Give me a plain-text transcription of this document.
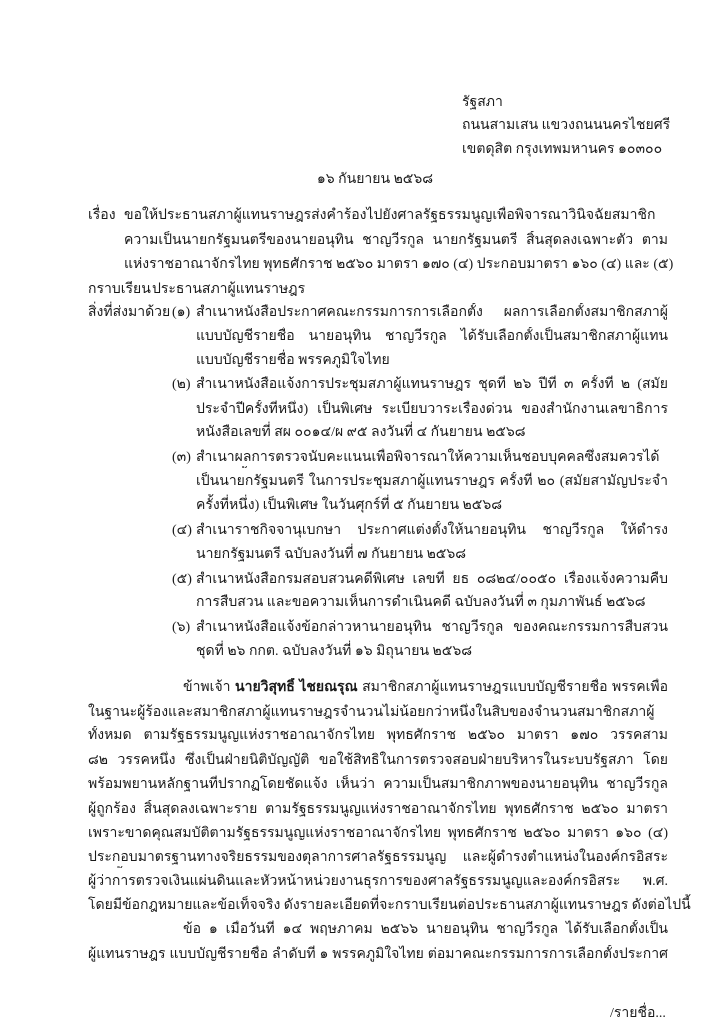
รัฐสภา
ถนนสามเสน แขวงถนนนครไชยศรี
เขตดุสิต กรุงเทพมหานคร ๑๐๓๐๐
๑๖ กันยายน ๒๕๖๘
เรื่อง ขอให้ประธานสภาผู้แทนราษฎรส่งคำร้องไปยังศาลรัฐธรรมนูญเพื่อพิจารณาวินิจฉัยสมาชิก
ความเป็นนายกรัฐมนตรีของนายอนุทิน ชาญวีรกูล นายกรัฐมนตรี สิ้นสุดลงเฉพาะตัว ตาม
แห่งราชอาณาจักรไทย พุทธศักราช ๒๕๖๐ มาตรา ๑๗๐ (๔) ประกอบมาตรา ๑๖๐ (๔) และ (๕)
กราบเรียน ประธานสภาผู้แทนราษฎร
สิ่งที่ส่งมาด้วย (๑) สำเนาหนังสือประกาศคณะกรรมการการเลือกตั้ง ผลการเลือกตั้งสมาชิกสภาผู้
แบบบัญชีรายชื่อ นายอนุทิน ชาญวีรกูล ได้รับเลือกตั้งเป็นสมาชิกสภาผู้แทน
แบบบัญชีรายชื่อ พรรคภูมิใจไทย
(๒) สำเนาหนังสือแจ้งการประชุมสภาผู้แทนราษฎร ชุดที่ ๒๖ ปีที่ ๓ ครั้งที่ ๒ (สมัย
ประจำปีครั้งที่หนึ่ง) เป็นพิเศษ ระเบียบวาระเรื่องด่วน ของสำนักงานเลขาธิการ
หนังสือเลขที่ สผ ๐๐๑๔/ผ ๙๕ ลงวันที่ ๔ กันยายน ๒๕๖๘
(๓) สำเนาผลการตรวจนับคะแนนเพื่อพิจารณาให้ความเห็นชอบบุคคลซึ่งสมควรได้
เป็นนายกรัฐมนตรี ในการประชุมสภาผู้แทนราษฎร ครั้งที่ ๒๐ (สมัยสามัญประจำ
ครั้งที่หนึ่ง) เป็นพิเศษ ในวันศุกร์ที่ ๕ กันยายน ๒๕๖๘
(๔) สำเนาราชกิจจานุเบกษา ประกาศแต่งตั้งให้นายอนุทิน ชาญวีรกูล ให้ดำรง
นายกรัฐมนตรี ฉบับลงวันที่ ๗ กันยายน ๒๕๖๘
(๕) สำเนาหนังสือกรมสอบสวนคดีพิเศษ เลขที่ ยธ ๐๘๒๔/๐๐๕๐ เรื่องแจ้งความคืบ
การสืบสวน และขอความเห็นการดำเนินคดี ฉบับลงวันที่ ๓ กุมภาพันธ์ ๒๕๖๘
(๖) สำเนาหนังสือแจ้งข้อกล่าวหานายอนุทิน ชาญวีรกูล ของคณะกรรมการสืบสวน
ชุดที่ ๒๖ กกต. ฉบับลงวันที่ ๑๖ มิถุนายน ๒๕๖๘
ข้าพเจ้า นายวิสุทธิ์ ไชยณรุณ สมาชิกสภาผู้แทนราษฎรแบบบัญชีรายชื่อ พรรคเพื่อ
ในฐานะผู้ร้องและสมาชิกสภาผู้แทนราษฎรจำนวนไม่น้อยกว่าหนึ่งในสิบของจำนวนสมาชิกสภาผู้
ทั้งหมด ตามรัฐธรรมนูญแห่งราชอาณาจักรไทย พุทธศักราช ๒๕๖๐ มาตรา ๑๗๐ วรรคสาม
๘๒ วรรคหนึ่ง ซึ่งเป็นฝ่ายนิติบัญญัติ ขอใช้สิทธิในการตรวจสอบฝ่ายบริหารในระบบรัฐสภา โดย
พร้อมพยานหลักฐานที่ปรากฏโดยชัดแจ้ง เห็นว่า ความเป็นสมาชิกภาพของนายอนุทิน ชาญวีรกูล
ผู้ถูกร้อง สิ้นสุดลงเฉพาะราย ตามรัฐธรรมนูญแห่งราชอาณาจักรไทย พุทธศักราช ๒๕๖๐ มาตรา
เพราะขาดคุณสมบัติตามรัฐธรรมนูญแห่งราชอาณาจักรไทย พุทธศักราช ๒๕๖๐ มาตรา ๑๖๐ (๔)
ประกอบมาตรฐานทางจริยธรรมของตุลาการศาลรัฐธรรมนูญ และผู้ดำรงตำแหน่งในองค์กรอิสระ
ผู้ว่าการตรวจเงินแผ่นดินและหัวหน้าหน่วยงานธุรการของศาลรัฐธรรมนูญและองค์กรอิสระ พ.ศ.
โดยมีข้อกฎหมายและข้อเท็จจริง ดังรายละเอียดที่จะกราบเรียนต่อประธานสภาผู้แทนราษฎร ดังต่อไปนี้
ข้อ ๑ เมื่อวันที่ ๑๔ พฤษภาคม ๒๕๖๖ นายอนุทิน ชาญวีรกูล ได้รับเลือกตั้งเป็น
ผู้แทนราษฎร แบบบัญชีรายชื่อ ลำดับที่ ๑ พรรคภูมิใจไทย ต่อมาคณะกรรมการการเลือกตั้งประกาศ
/รายชื่อ...
